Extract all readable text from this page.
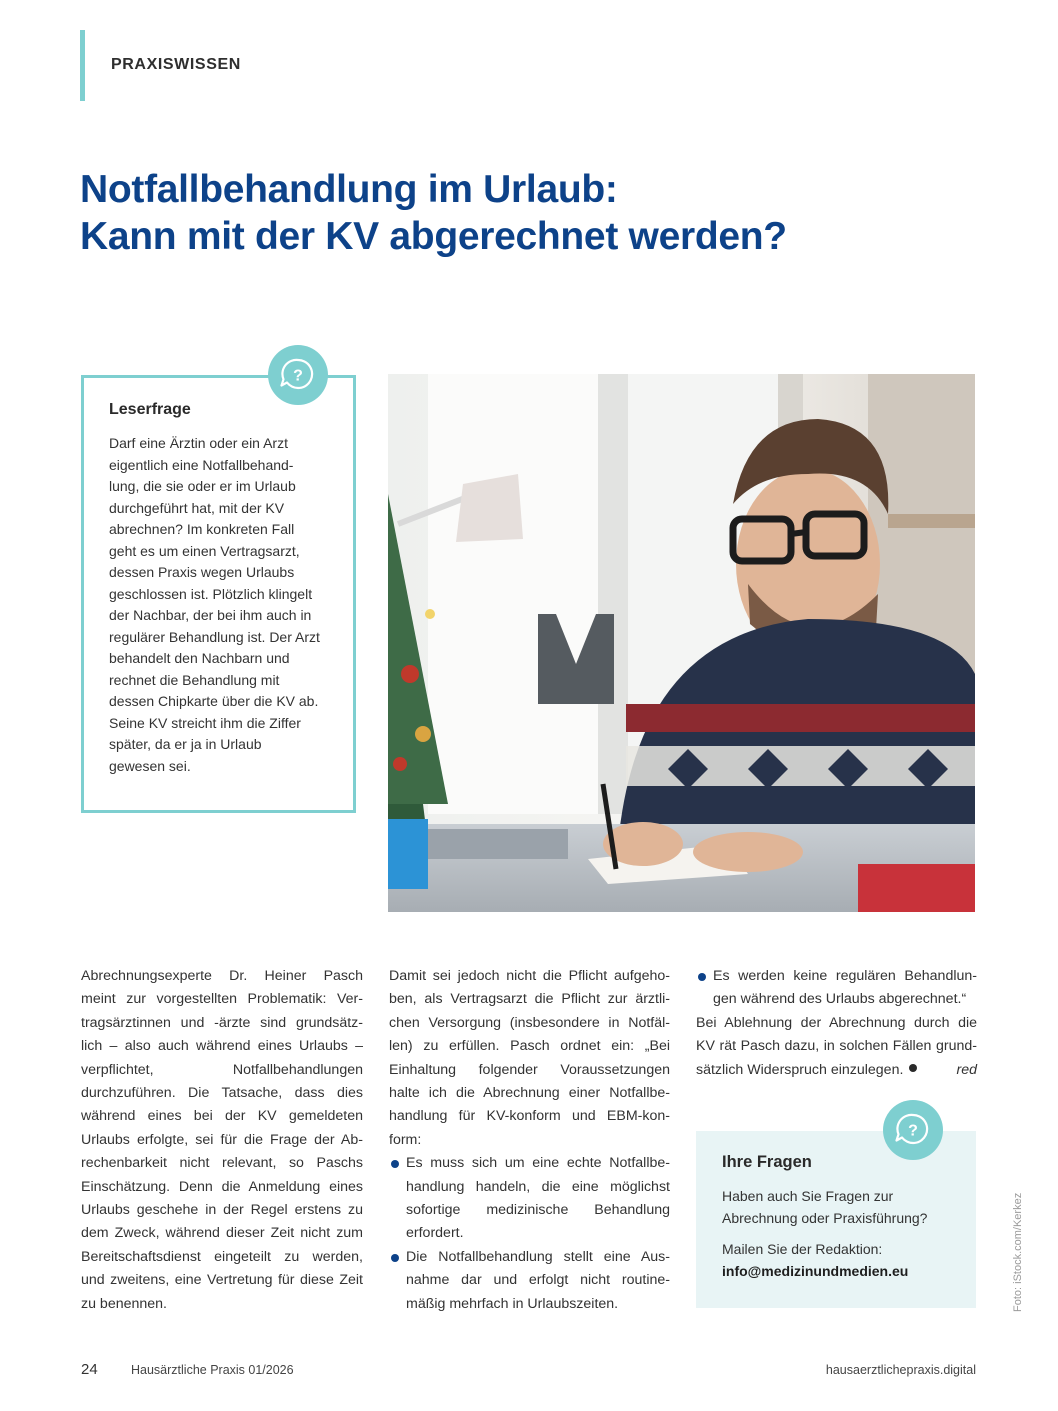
PRAXISWISSEN
Notfallbehandlung im Urlaub:
Kann mit der KV abgerechnet werden?
?
Leserfrage
Darf eine Ärztin oder ein Arzt
eigentlich eine Notfallbehand-
lung, die sie oder er im Urlaub
durchgeführt hat, mit der KV
abrechnen? Im konkreten Fall
geht es um einen Vertragsarzt,
dessen Praxis wegen Urlaubs
geschlossen ist. Plötzlich klingelt
der Nachbar, der bei ihm auch in
regulärer Behandlung ist. Der Arzt
behandelt den Nachbarn und
rechnet die Behandlung mit
dessen Chipkarte über die KV ab.
Seine KV streicht ihm die Ziffer
später, da er ja in Urlaub
gewesen sei.
Abrechnungsexperte Dr. Heiner Pasch
meint zur vorgestellten Problematik: Ver-
tragsärztinnen und -ärzte sind grundsätz-
lich – also auch während eines Urlaubs –
verpflichtet, Notfallbehandlungen
durchzuführen. Die Tatsache, dass dies
während eines bei der KV gemeldeten
Urlaubs erfolgte, sei für die Frage der Ab-
rechenbarkeit nicht relevant, so Paschs
Einschätzung. Denn die Anmeldung eines
Urlaubs geschehe in der Regel erstens zu
dem Zweck, während dieser Zeit nicht zum
Bereitschaftsdienst eingeteilt zu werden,
und zweitens, eine Vertretung für diese Zeit
zu benennen.
Damit sei jedoch nicht die Pflicht aufgeho-
ben, als Vertragsarzt die Pflicht zur ärztli-
chen Versorgung (insbesondere in Notfäl-
len) zu erfüllen. Pasch ordnet ein: „Bei
Einhaltung folgender Voraussetzungen
halte ich die Abrechnung einer Notfallbe-
handlung für KV-konform und EBM-kon-
form:
Es muss sich um eine echte Notfallbe-
handlung handeln, die eine möglichst
sofortige medizinische Behandlung
erfordert.
Die Notfallbehandlung stellt eine Aus-
nahme dar und erfolgt nicht routine-
mäßig mehrfach in Urlaubszeiten.
Es werden keine regulären Behandlun-
gen während des Urlaubs abgerechnet.“
Bei Ablehnung der Abrechnung durch die
KV rät Pasch dazu, in solchen Fällen grund-
sätzlich Widerspruch einzulegen.	red
?
Ihre Fragen
Haben auch Sie Fragen zur Abrechnung oder Praxisführung?
Mailen Sie der Redaktion:
info@medizinundmedien.eu	Foto: iStock.com/Kerkez
24	Hausärztliche Praxis 01/2026	hausaerztlichepraxis.digital
